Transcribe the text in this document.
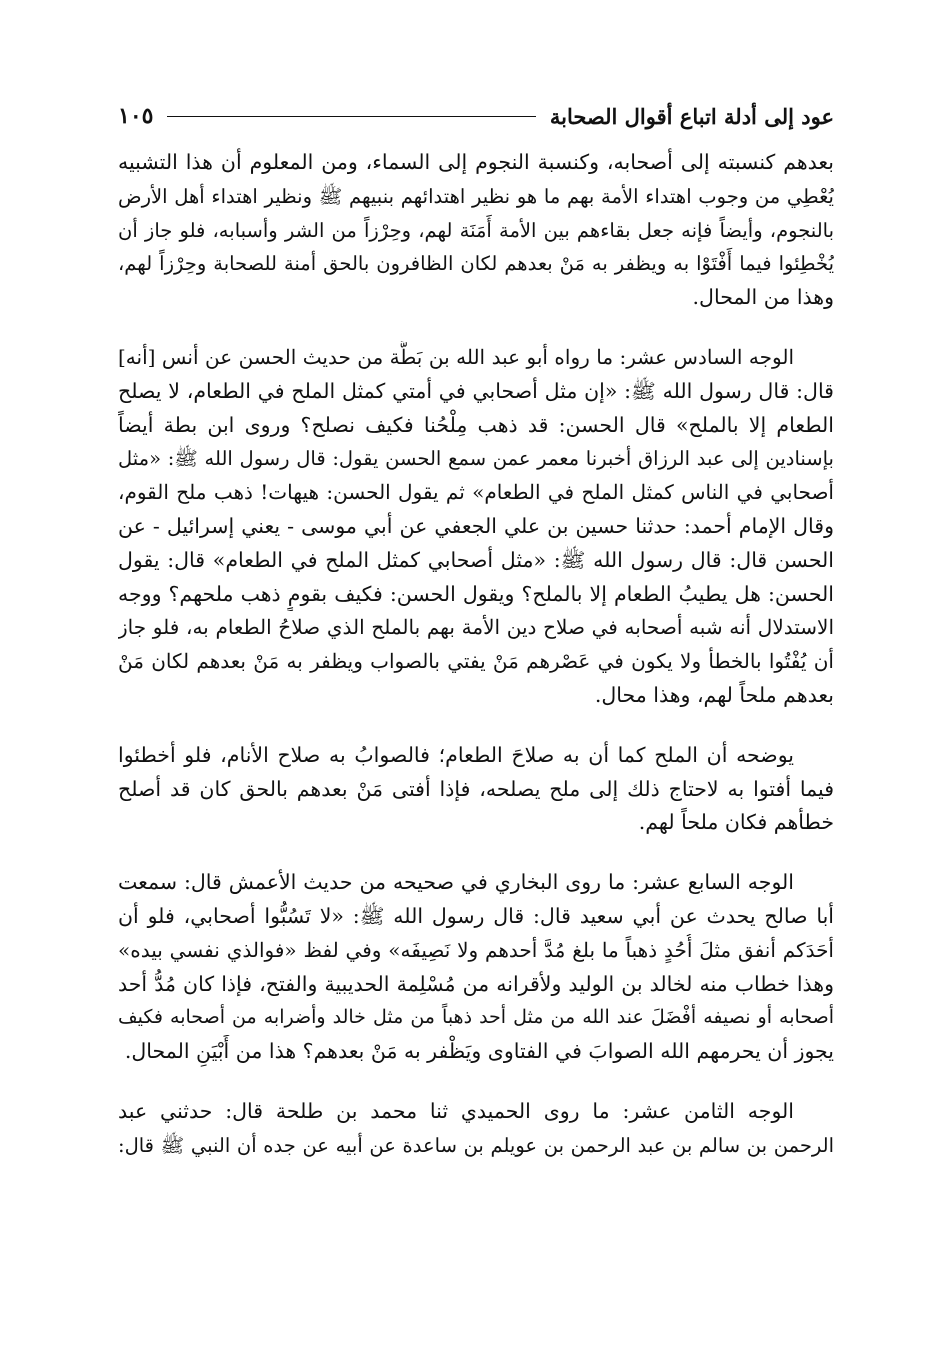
عود إلى أدلة اتباع أقوال الصحابة
١٠٥
بعدهم كنسبته إلى أصحابه، وكنسبة النجوم إلى السماء، ومن المعلوم أن هذا التشبيه
يُعْطِي من وجوب اهتداء الأمة بهم ما هو نظير اهتدائهم بنبيهم ﷺ ونظير اهتداء أهل الأرض
بالنجوم، وأيضاً فإنه جعل بقاءهم بين الأمة أَمَنَة لهم، وحِرْزاً من الشر وأسبابه، فلو جاز أن
يُخْطِئوا فيما أَفْتَوْا به ويظفر به مَنْ بعدهم لكان الظافرون بالحق أمنة للصحابة وحِرْزاً لهم،
وهذا من المحال.
الوجه السادس عشر: ما رواه أبو عبد الله بن بَطَّة من حديث الحسن عن أنس [أنه]
قال: قال رسول الله ﷺ: «إن مثل أصحابي في أمتي كمثل الملح في الطعام، لا يصلح
الطعام إلا بالملح» قال الحسن: قد ذهب مِلْحُنا فكيف نصلح؟ وروى ابن بطة أيضاً
بإسنادين إلى عبد الرزاق أخبرنا معمر عمن سمع الحسن يقول: قال رسول الله ﷺ: «مثل
أصحابي في الناس كمثل الملح في الطعام» ثم يقول الحسن: هيهات! ذهب ملح القوم،
وقال الإمام أحمد: حدثنا حسين بن علي الجعفي عن أبي موسى - يعني إسرائيل - عن
الحسن قال: قال رسول الله ﷺ: «مثل أصحابي كمثل الملح في الطعام» قال: يقول
الحسن: هل يطيبُ الطعام إلا بالملح؟ ويقول الحسن: فكيف بقومٍ ذهب ملحهم؟ ووجه
الاستدلال أنه شبه أصحابه في صلاح دين الأمة بهم بالملح الذي صلاحُ الطعام به، فلو جاز
أن يُفْتُوا بالخطأ ولا يكون في عَصْرهم مَنْ يفتي بالصواب ويظفر به مَنْ بعدهم لكان مَنْ
بعدهم ملحاً لهم، وهذا محال.
يوضحه أن الملح كما أن به صلاحَ الطعام؛ فالصوابُ به صلاح الأنام، فلو أخطئوا
فيما أفتوا به لاحتاج ذلك إلى ملح يصلحه، فإذا أفتى مَنْ بعدهم بالحق كان قد أصلح
خطأهم فكان ملحاً لهم.
الوجه السابع عشر: ما روى البخاري في صحيحه من حديث الأعمش قال: سمعت
أبا صالح يحدث عن أبي سعيد قال: قال رسول الله ﷺ: «لا تَسُبُّوا أصحابي، فلو أن
أحَدَكم أنفق مثلَ أُحُدٍ ذهباً ما بلغ مُدَّ أحدهم ولا نَصِيفَه» وفي لفظ «فوالذي نفسي بيده»
وهذا خطاب منه لخالد بن الوليد ولأقرانه من مُسْلِمة الحديبية والفتح، فإذا كان مُدُّ أحد
أصحابه أو نصيفه أفْضَلَ عند الله من مثل أحد ذهباً من مثل خالد وأضرابه من أصحابه فكيف
يجوز أن يحرمهم الله الصوابَ في الفتاوى ويَظْفر به مَنْ بعدهم؟ هذا من أَبْيَنِ المحال.
الوجه الثامن عشر: ما روى الحميدي ثنا محمد بن طلحة قال: حدثني عبد
الرحمن بن سالم بن عبد الرحمن بن عويلم بن ساعدة عن أبيه عن جده أن النبي ﷺ قال:
